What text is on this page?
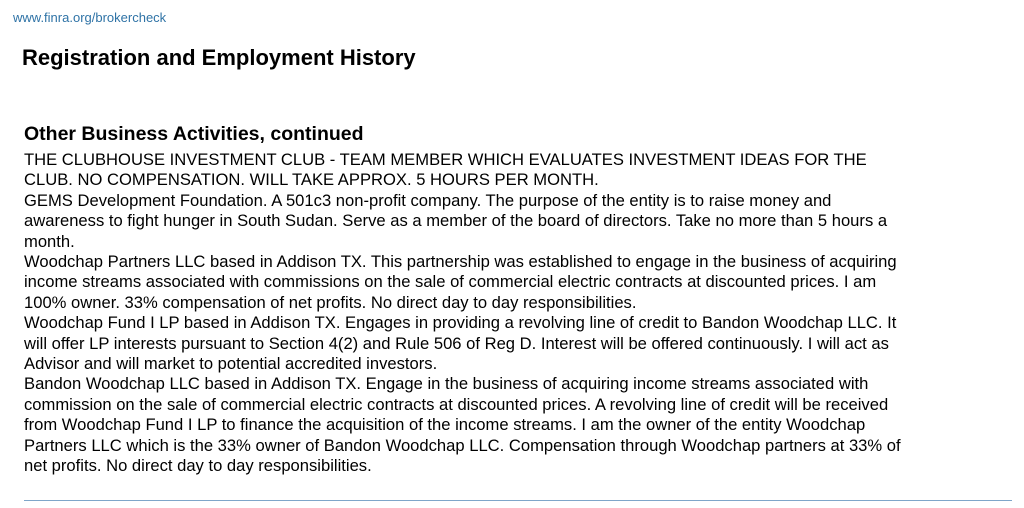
www.finra.org/brokercheck
Registration and Employment History
Other Business Activities, continued
THE CLUBHOUSE INVESTMENT CLUB - TEAM MEMBER WHICH EVALUATES INVESTMENT IDEAS FOR THE
CLUB. NO COMPENSATION. WILL TAKE APPROX. 5 HOURS PER MONTH.
GEMS Development Foundation. A 501c3 non-profit company. The purpose of the entity is to raise money and
awareness to fight hunger in South Sudan. Serve as a member of the board of directors. Take no more than 5 hours a
month.
Woodchap Partners LLC based in Addison TX. This partnership was established to engage in the business of acquiring
income streams associated with commissions on the sale of commercial electric contracts at discounted prices. I am
100% owner. 33% compensation of net profits. No direct day to day responsibilities.
Woodchap Fund I LP based in Addison TX. Engages in providing a revolving line of credit to Bandon Woodchap LLC. It
will offer LP interests pursuant to Section 4(2) and Rule 506 of Reg D. Interest will be offered continuously. I will act as
Advisor and will market to potential accredited investors.
Bandon Woodchap LLC based in Addison TX. Engage in the business of acquiring income streams associated with
commission on the sale of commercial electric contracts at discounted prices. A revolving line of credit will be received
from Woodchap Fund I LP to finance the acquisition of the income streams. I am the owner of the entity Woodchap
Partners LLC which is the 33% owner of Bandon Woodchap LLC. Compensation through Woodchap partners at 33% of
net profits. No direct day to day responsibilities.
